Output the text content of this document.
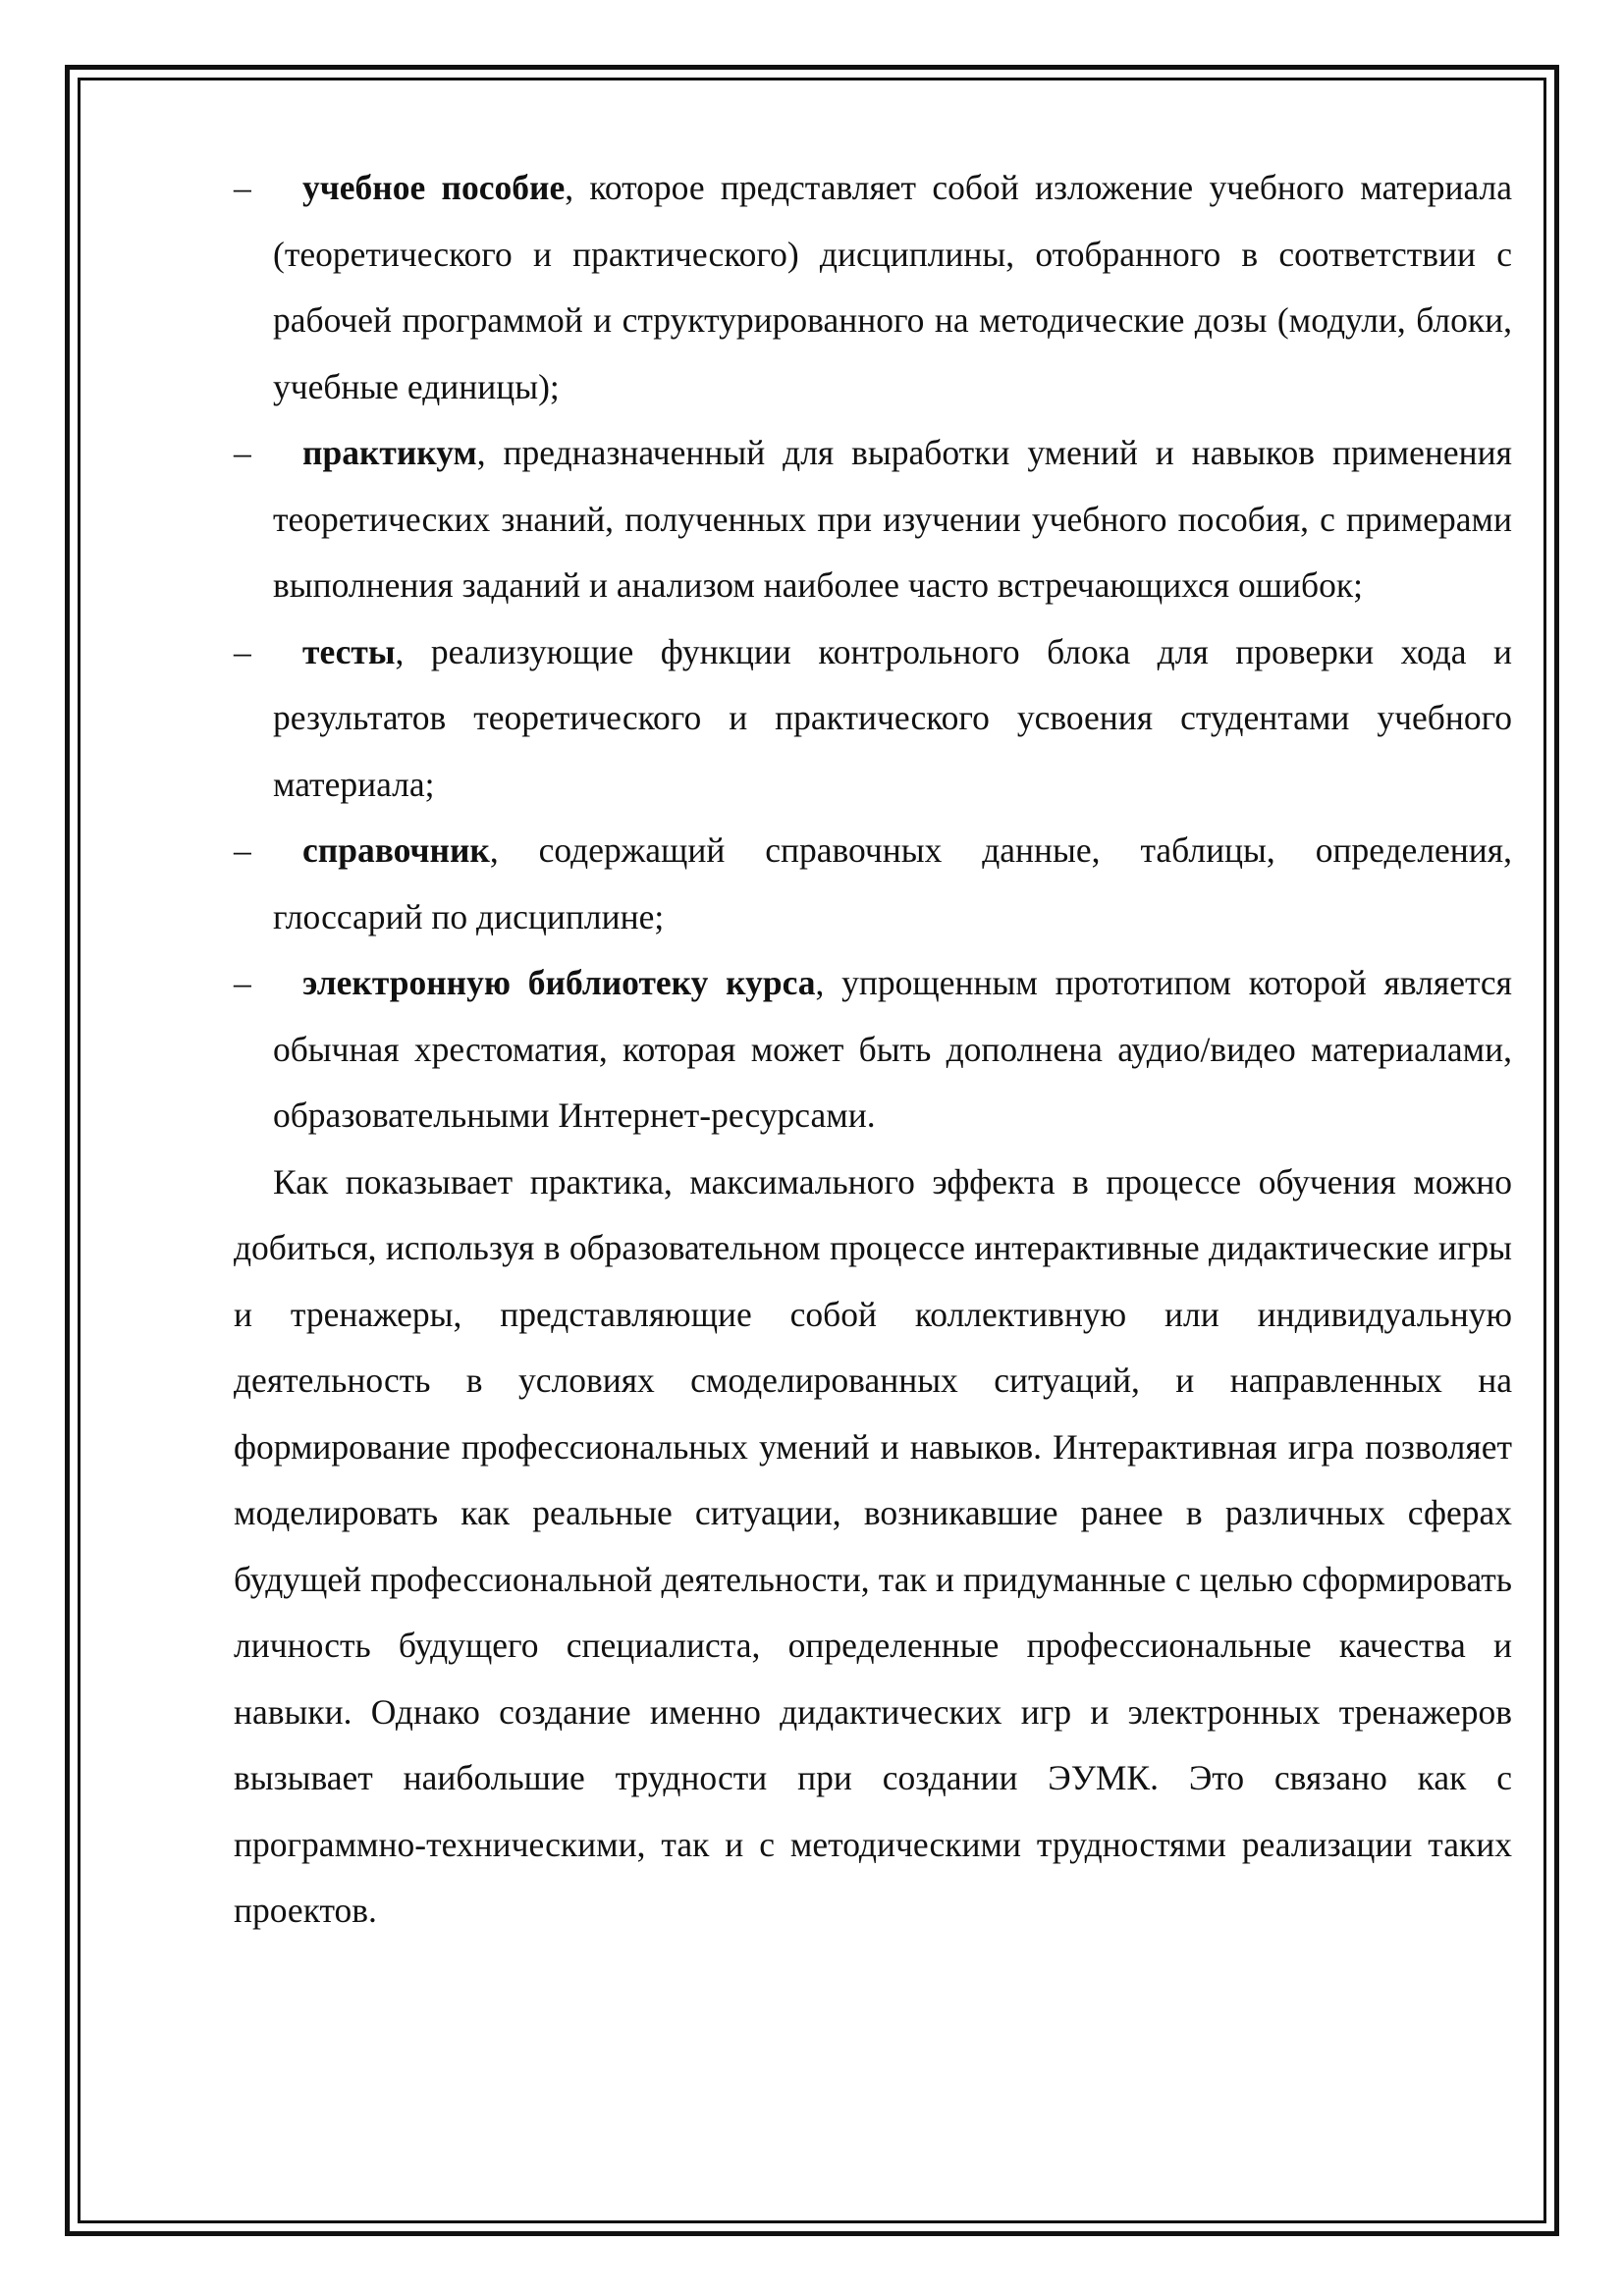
–	учебное пособие, которое представляет собой изложение учебного материала (теоретического и практического) дисциплины, отобранного в соответствии с рабочей программой и структурированного на методические дозы (модули, блоки, учебные единицы);
–	практикум, предназначенный для выработки умений и навыков применения теоретических знаний, полученных при изучении учебного пособия, с примерами выполнения заданий и анализом наиболее часто встречающихся ошибок;
–	тесты, реализующие функции контрольного блока для проверки хода и результатов теоретического и практического усвоения студентами учебного материала;
–	справочник, содержащий справочных данные, таблицы, определения, глоссарий по дисциплине;
–	электронную библиотеку курса, упрощенным прототипом которой является обычная хрестоматия, которая может быть дополнена аудио/видео материалами, образовательными Интернет-ресурсами.

Как показывает практика, максимального эффекта в процессе обучения можно добиться, используя в образовательном процессе интерактивные дидактические игры и тренажеры, представляющие собой коллективную или индивидуальную деятельность в условиях смоделированных ситуаций, и направленных на формирование профессиональных умений и навыков. Интерактивная игра позволяет моделировать как реальные ситуации, возникавшие ранее в различных сферах будущей профессиональной деятельности, так и придуманные с целью сформировать личность будущего специалиста, определенные профессиональные качества и навыки. Однако создание именно дидактических игр и электронных тренажеров вызывает наибольшие трудности при создании ЭУМК. Это связано как с программно-техническими, так и с методическими трудностями реализации таких проектов.
